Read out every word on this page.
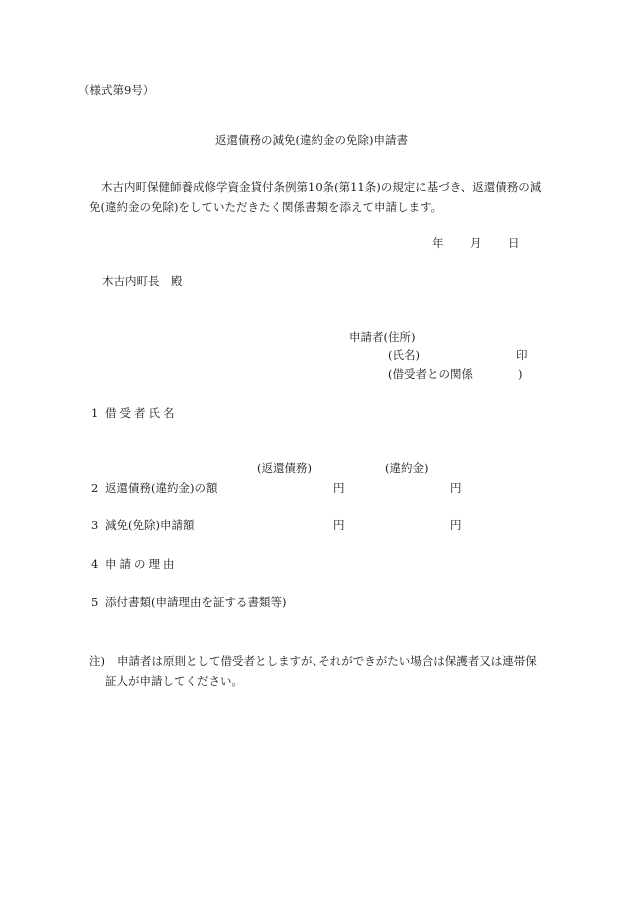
（様式第9号）
返還債務の減免(違約金の免除)申請書
木古内町保健師養成修学資金貸付条例第10条(第11条)の規定に基づき、返還債務の減
免(違約金の免除)をしていただきたく関係書類を添えて申請します。
年 月 日
木古内町長　殿
申請者(住所)
(氏名)	印
(借受者との関係	)
1 借受者氏名
(返還債務)	(違約金)
2 返還債務(違約金)の額	円	円
3 減免(免除)申請額	円	円
4 申請の理由
5 添付書類(申請理由を証する書類等)
注) 申請者は原則として借受者としますが､それができがたい場合は保護者又は連帯保
証人が申請してください。
